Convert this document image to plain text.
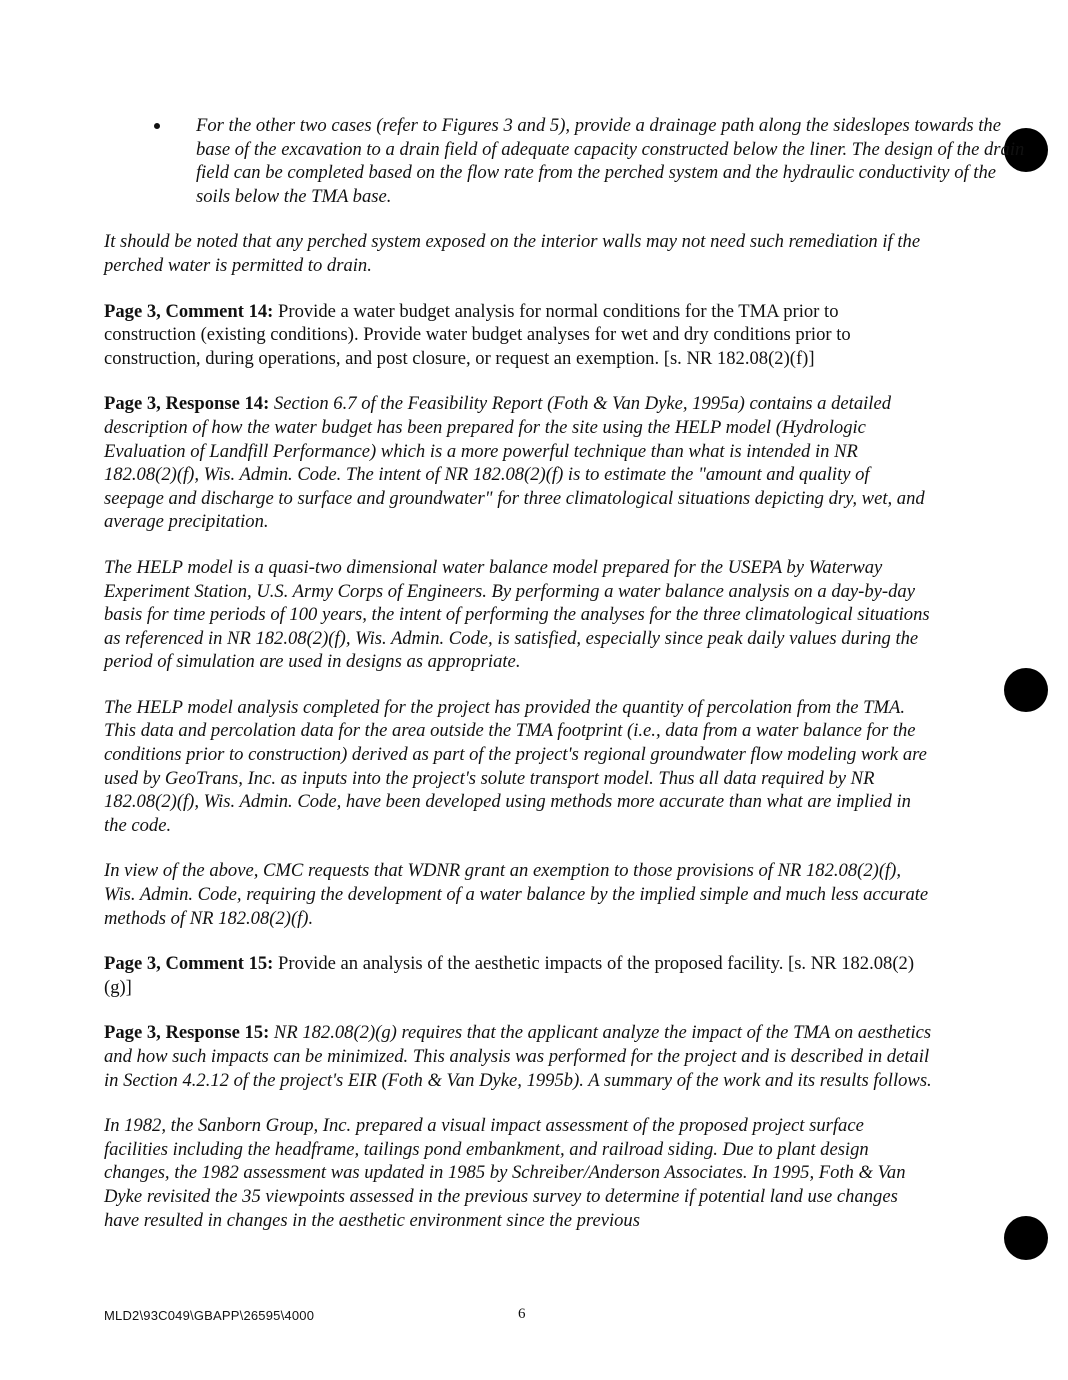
For the other two cases (refer to Figures 3 and 5), provide a drainage path along the sideslopes towards the base of the excavation to a drain field of adequate capacity constructed below the liner. The design of the drain field can be completed based on the flow rate from the perched system and the hydraulic conductivity of the soils below the TMA base.

It should be noted that any perched system exposed on the interior walls may not need such remediation if the perched water is permitted to drain.

Page 3, Comment 14: Provide a water budget analysis for normal conditions for the TMA prior to construction (existing conditions). Provide water budget analyses for wet and dry conditions prior to construction, during operations, and post closure, or request an exemption. [s. NR 182.08(2)(f)]

Page 3, Response 14: Section 6.7 of the Feasibility Report (Foth & Van Dyke, 1995a) contains a detailed description of how the water budget has been prepared for the site using the HELP model (Hydrologic Evaluation of Landfill Performance) which is a more powerful technique than what is intended in NR 182.08(2)(f), Wis. Admin. Code. The intent of NR 182.08(2)(f) is to estimate the "amount and quality of seepage and discharge to surface and groundwater" for three climatological situations depicting dry, wet, and average precipitation.

The HELP model is a quasi-two dimensional water balance model prepared for the USEPA by Waterway Experiment Station, U.S. Army Corps of Engineers. By performing a water balance analysis on a day-by-day basis for time periods of 100 years, the intent of performing the analyses for the three climatological situations as referenced in NR 182.08(2)(f), Wis. Admin. Code, is satisfied, especially since peak daily values during the period of simulation are used in designs as appropriate.

The HELP model analysis completed for the project has provided the quantity of percolation from the TMA. This data and percolation data for the area outside the TMA footprint (i.e., data from a water balance for the conditions prior to construction) derived as part of the project's regional groundwater flow modeling work are used by GeoTrans, Inc. as inputs into the project's solute transport model. Thus all data required by NR 182.08(2)(f), Wis. Admin. Code, have been developed using methods more accurate than what are implied in the code.

In view of the above, CMC requests that WDNR grant an exemption to those provisions of NR 182.08(2)(f), Wis. Admin. Code, requiring the development of a water balance by the implied simple and much less accurate methods of NR 182.08(2)(f).

Page 3, Comment 15: Provide an analysis of the aesthetic impacts of the proposed facility. [s. NR 182.08(2)(g)]

Page 3, Response 15: NR 182.08(2)(g) requires that the applicant analyze the impact of the TMA on aesthetics and how such impacts can be minimized. This analysis was performed for the project and is described in detail in Section 4.2.12 of the project's EIR (Foth & Van Dyke, 1995b). A summary of the work and its results follows.

In 1982, the Sanborn Group, Inc. prepared a visual impact assessment of the proposed project surface facilities including the headframe, tailings pond embankment, and railroad siding. Due to plant design changes, the 1982 assessment was updated in 1985 by Schreiber/Anderson Associates. In 1995, Foth & Van Dyke revisited the 35 viewpoints assessed in the previous survey to determine if potential land use changes have resulted in changes in the aesthetic environment since the previous

MLD2\93C049\GBAPP\26595\4000	6
